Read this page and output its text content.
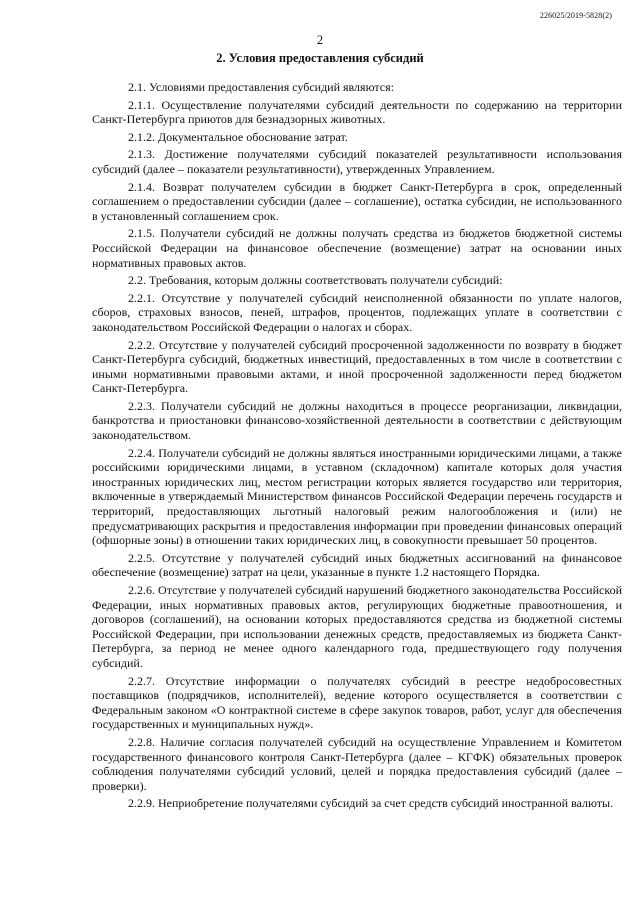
226025/2019-5828(2)
2
2. Условия предоставления субсидий

2.1. Условиями предоставления субсидий являются:

2.1.1. Осуществление получателями субсидий деятельности по содержанию на территории Санкт-Петербурга приютов для безнадзорных животных.

2.1.2. Документальное обоснование затрат.

2.1.3. Достижение получателями субсидий показателей результативности использования субсидий (далее – показатели результативности), утвержденных Управлением.

2.1.4. Возврат получателем субсидии в бюджет Санкт-Петербурга в срок, определенный соглашением о предоставлении субсидии (далее – соглашение), остатка субсидии, не использованного в установленный соглашением срок.

2.1.5. Получатели субсидий не должны получать средства из бюджетов бюджетной системы Российской Федерации на финансовое обеспечение (возмещение) затрат на основании иных нормативных правовых актов.

2.2. Требования, которым должны соответствовать получатели субсидий:

2.2.1. Отсутствие у получателей субсидий неисполненной обязанности по уплате налогов, сборов, страховых взносов, пеней, штрафов, процентов, подлежащих уплате в соответствии с законодательством Российской Федерации о налогах и сборах.

2.2.2. Отсутствие у получателей субсидий просроченной задолженности по возврату в бюджет Санкт-Петербурга субсидий, бюджетных инвестиций, предоставленных в том числе в соответствии с иными нормативными правовыми актами, и иной просроченной задолженности перед бюджетом Санкт-Петербурга.

2.2.3. Получатели субсидий не должны находиться в процессе реорганизации, ликвидации, банкротства и приостановки финансово-хозяйственной деятельности в соответствии с действующим законодательством.

2.2.4. Получатели субсидий не должны являться иностранными юридическими лицами, а также российскими юридическими лицами, в уставном (складочном) капитале которых доля участия иностранных юридических лиц, местом регистрации которых является государство или территория, включенные в утверждаемый Министерством финансов Российской Федерации перечень государств и территорий, предоставляющих льготный налоговый режим налогообложения и (или) не предусматривающих раскрытия и предоставления информации при проведении финансовых операций (офшорные зоны) в отношении таких юридических лиц, в совокупности превышает 50 процентов.

2.2.5. Отсутствие у получателей субсидий иных бюджетных ассигнований на финансовое обеспечение (возмещение) затрат на цели, указанные в пункте 1.2 настоящего Порядка.

2.2.6. Отсутствие у получателей субсидий нарушений бюджетного законодательства Российской Федерации, иных нормативных правовых актов, регулирующих бюджетные правоотношения, и договоров (соглашений), на основании которых предоставляются средства из бюджетной системы Российской Федерации, при использовании денежных средств, предоставляемых из бюджета Санкт-Петербурга, за период не менее одного календарного года, предшествующего году получения субсидий.

2.2.7. Отсутствие информации о получателях субсидий в реестре недобросовестных поставщиков (подрядчиков, исполнителей), ведение которого осуществляется в соответствии с Федеральным законом «О контрактной системе в сфере закупок товаров, работ, услуг для обеспечения государственных и муниципальных нужд».

2.2.8. Наличие согласия получателей субсидий на осуществление Управлением и Комитетом государственного финансового контроля Санкт-Петербурга (далее – КГФК) обязательных проверок соблюдения получателями субсидий условий, целей и порядка предоставления субсидий (далее – проверки).

2.2.9. Неприобретение получателями субсидий за счет средств субсидий иностранной валюты.
